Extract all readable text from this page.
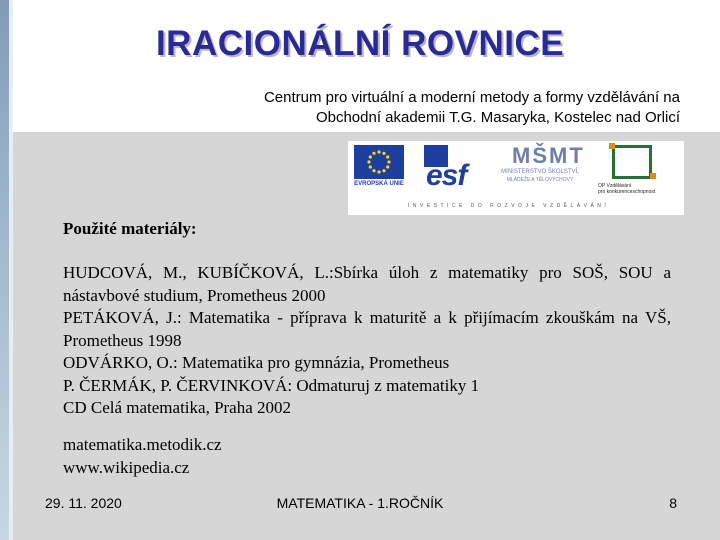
IRACIONÁLNÍ ROVNICE
Centrum pro virtuální a moderní metody a formy vzdělávání na
Obchodní akademii T.G. Masaryka, Kostelec nad Orlicí
EVROPSKÁ UNIE esf
MŠMT
MINISTERSTVO ŠKOLSTVÍ,
MLÁDEŽE A TĚLOVÝCHOVY
OP Vzdělávání
pro konkurenceschopnost
INVESTICE DO ROZVOJE VZDĚLÁVÁNÍ
Použité materiály:

HUDCOVÁ, M., KUBÍČKOVÁ, L.:Sbírka úloh z matematiky pro SOŠ, SOU a nástavbové studium, Prometheus 2000

PETÁKOVÁ, J.: Matematika - příprava k maturitě a k přijímacím zkouškám na VŠ, Prometheus 1998

ODVÁRKO, O.: Matematika pro gymnázia, Prometheus

P. ČERMÁK, P. ČERVINKOVÁ: Odmaturuj z matematiky 1

CD Celá matematika, Praha 2002

matematika.metodik.cz
www.wikipedia.cz
29. 11. 2020	MATEMATIKA - 1.ROČNÍK	8
